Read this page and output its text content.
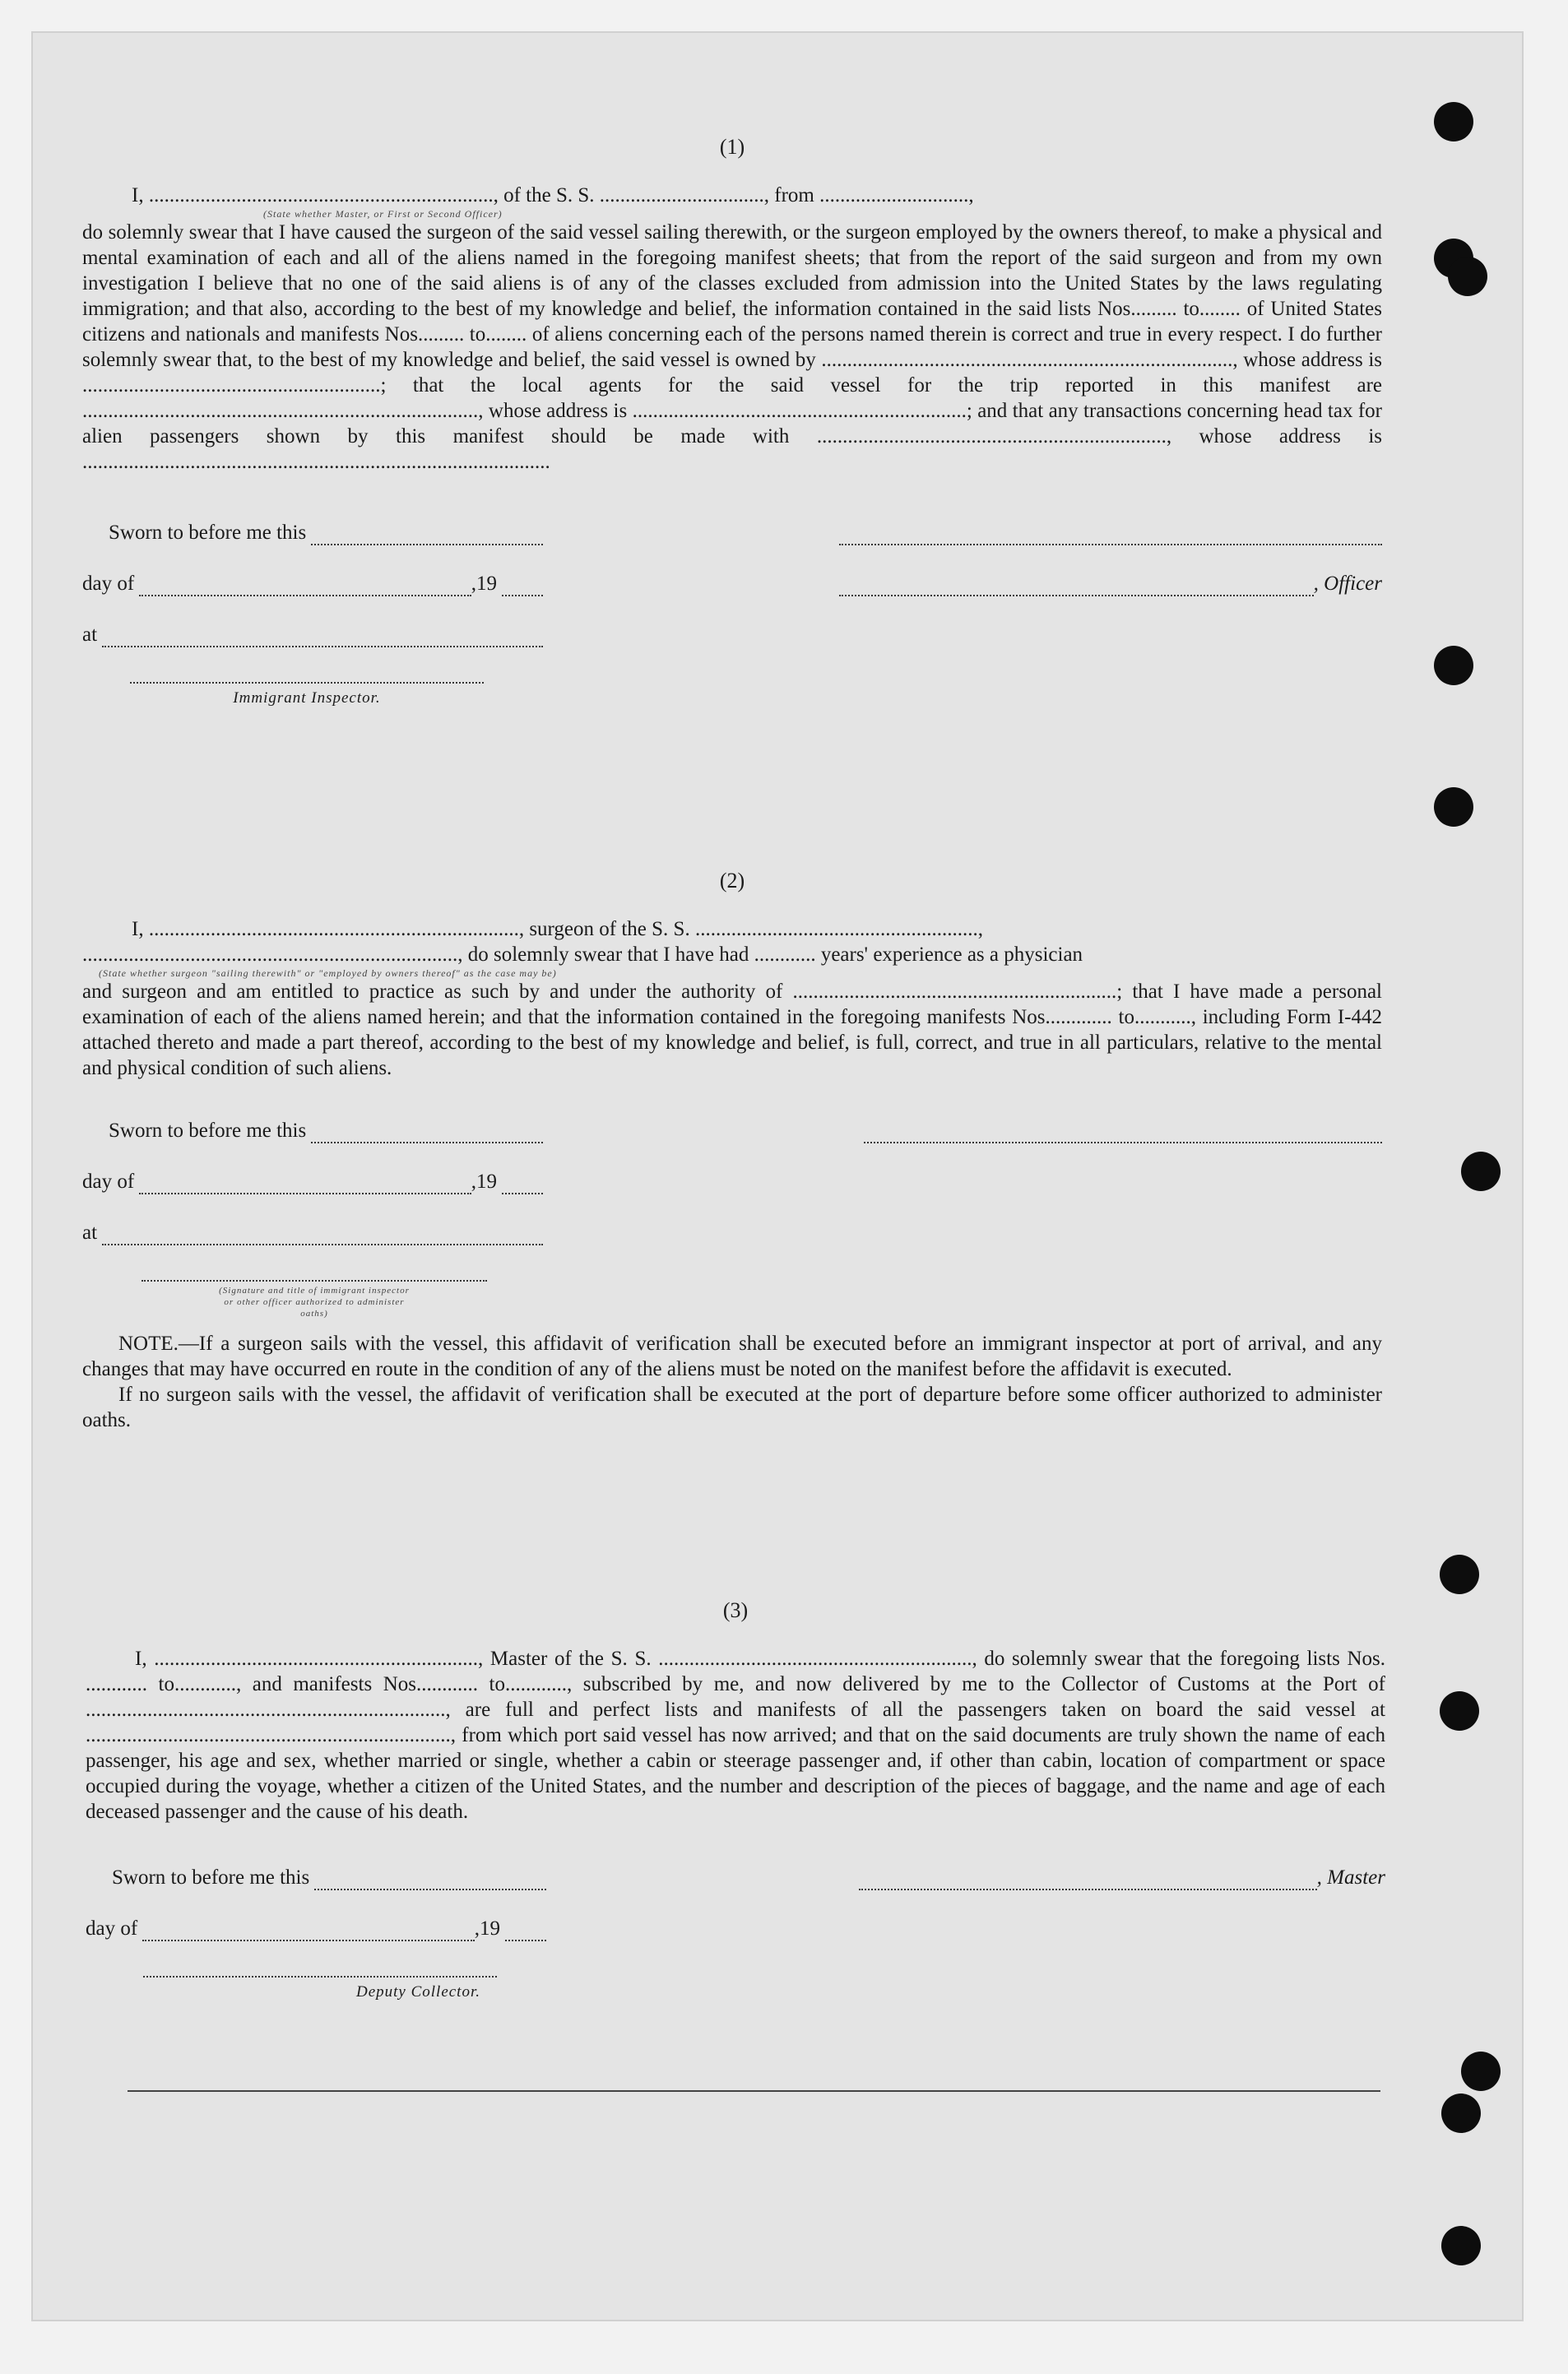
(1)
I, ..................................................................., of the S. S. ................................, from .............................,
(State whether Master, or First or Second Officer)

do solemnly swear that I have caused the surgeon of the said vessel sailing therewith, or the surgeon employed by the owners thereof, to make a physical and mental examination of each and all of the aliens named in the foregoing manifest sheets; that from the report of the said surgeon and from my own investigation I believe that no one of the said aliens is of any of the classes excluded from admission into the United States by the laws regulating immigration; and that also, according to the best of my knowledge and belief, the information contained in the said lists Nos......... to........ of United States citizens and nationals and manifests Nos......... to........ of aliens concerning each of the persons named therein is correct and true in every respect. I do further solemnly swear that, to the best of my knowledge and belief, the said vessel is owned by ................................................................................, whose address is ..........................................................; that the local agents for the said vessel for the trip reported in this manifest are ............................................................................., whose address is .................................................................; and that any transactions concerning head tax for alien passengers shown by this manifest should be made with ...................................................................., whose address is ...........................................................................................

Sworn to before me this
day of	, 19
at
Immigrant Inspector.
, Officer
(2)
I, ........................................................................, surgeon of the S. S. .......................................................,
........................................................................., do solemnly swear that I have had ............ years' experience as a physician
(State whether surgeon "sailing therewith" or "employed by owners thereof" as the case may be)

and surgeon and am entitled to practice as such by and under the authority of ...............................................................; that I have made a personal examination of each of the aliens named herein; and that the information contained in the foregoing manifests Nos............. to..........., including Form I-442 attached thereto and made a part thereof, according to the best of my knowledge and belief, is full, correct, and true in all particulars, relative to the mental and physical condition of such aliens.

Sworn to before me this
day of	, 19
at
(Signature and title of immigrant inspector or other officer authorized to administer oaths)

NOTE.—If a surgeon sails with the vessel, this affidavit of verification shall be executed before an immigrant inspector at port of arrival, and any changes that may have occurred en route in the condition of any of the aliens must be noted on the manifest before the affidavit is executed.

If no surgeon sails with the vessel, the affidavit of verification shall be executed at the port of departure before some officer authorized to administer oaths.

(3)

I, ..............................................................., Master of the S. S. ............................................................., do solemnly swear that the foregoing lists Nos. ............ to............, and manifests Nos............ to............, subscribed by me, and now delivered by me to the Collector of Customs at the Port of ......................................................................, are full and perfect lists and manifests of all the passengers taken on board the said vessel at ......................................................................., from which port said vessel has now arrived; and that on the said documents are truly shown the name of each passenger, his age and sex, whether married or single, whether a cabin or steerage passenger and, if other than cabin, location of compartment or space occupied during the voyage, whether a citizen of the United States, and the number and description of the pieces of baggage, and the name and age of each deceased passenger and the cause of his death.

Sworn to before me this
day of	, 19
Deputy Collector.
, Master
